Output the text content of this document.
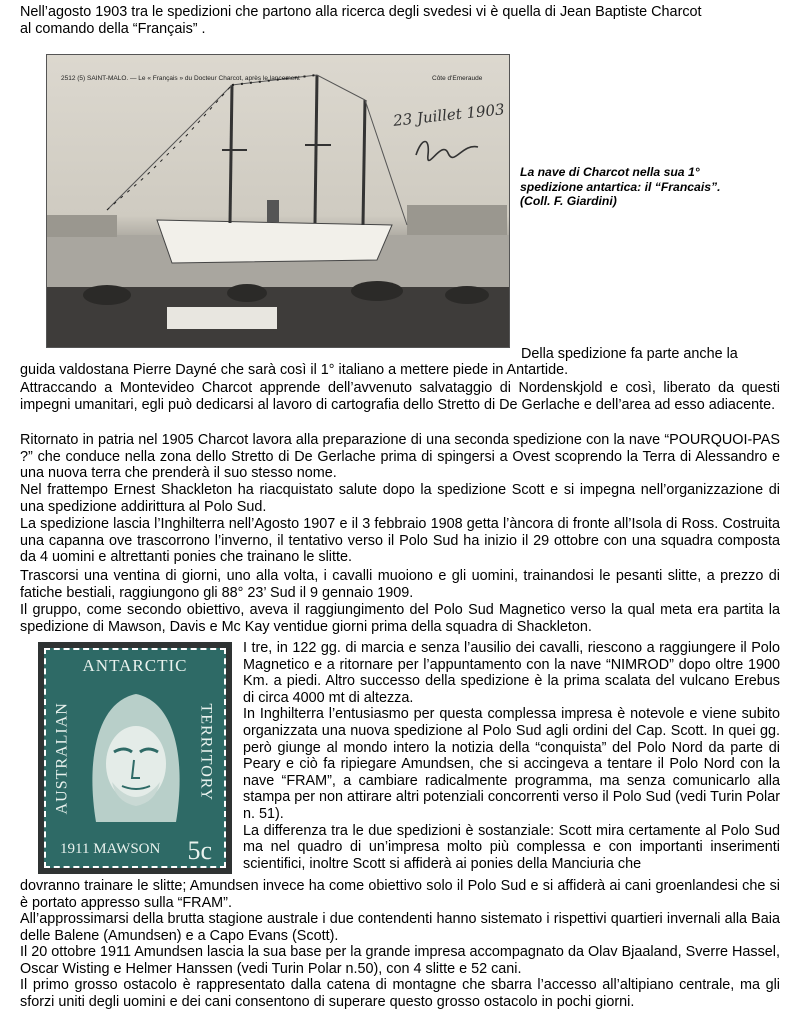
Nell’agosto 1903 tra le spedizioni che partono alla ricerca degli svedesi vi è quella di Jean Baptiste Charcot
al comando della “Français” .

2512 (5) SAINT-MALO. — Le « Français » du Docteur Charcot, après le lancement	Côte d'Emeraude
23 Juillet 1903
La nave di Charcot nella sua 1°
spedizione antartica: il “Francais”.
(Coll. F. Giardini)

Della spedizione fa parte anche la

guida valdostana Pierre Dayné che sarà così il 1° italiano a mettere piede in Antartide.

Attraccando a Montevideo Charcot apprende dell’avvenuto salvataggio di Nordenskjold e così, liberato da questi impegni umanitari, egli può dedicarsi al lavoro di cartografia dello Stretto di De Gerlache e dell’area ad esso adiacente.

Ritornato in patria nel 1905 Charcot lavora alla preparazione di una seconda spedizione con la nave “POURQUOI-PAS ?” che conduce nella zona dello Stretto di De Gerlache prima di spingersi a Ovest scoprendo la Terra di Alessandro e una nuova terra che prenderà il suo stesso nome.

Nel frattempo Ernest Shackleton ha riacquistato salute dopo la spedizione Scott e si impegna nell’organizzazione di una spedizione addirittura al Polo Sud.

La spedizione lascia l’Inghilterra nell’Agosto 1907 e il 3 febbraio 1908 getta l’àncora di fronte all’Isola di Ross. Costruita una capanna ove trascorrono l’inverno, il tentativo verso il Polo Sud ha inizio il 29 ottobre con una squadra composta da 4 uomini e altrettanti ponies che trainano le slitte.

Trascorsi una ventina di giorni, uno alla volta, i cavalli muoiono e gli uomini, trainandosi le pesanti slitte, a prezzo di fatiche bestiali, raggiungono gli 88° 23’ Sud il 9 gennaio 1909.

Il gruppo, come secondo obiettivo, aveva il raggiungimento del Polo Sud Magnetico verso la qual meta era partita la spedizione di Mawson, Davis e Mc Kay ventidue giorni prima della squadra di Shackleton.

ANTARCTIC
AUSTRALIAN	TERRITORY
1911 MAWSON 5c

I tre, in 122 gg. di marcia e senza l’ausilio dei cavalli, riescono a raggiungere il Polo Magnetico e a ritornare per l’appuntamento con la nave “NIMROD” dopo oltre 1900 Km. a piedi. Altro successo della spedizione è la prima scalata del vulcano Erebus di circa 4000 mt di altezza.

In Inghilterra l’entusiasmo per questa complessa impresa è notevole e viene subito organizzata una nuova spedizione al Polo Sud agli ordini del Cap. Scott. In quei gg. però giunge al mondo intero la notizia della “conquista” del Polo Nord da parte di Peary e ciò fa ripiegare Amundsen, che si accingeva a tentare il Polo Nord con la nave “FRAM”, a cambiare radicalmente programma, ma senza comunicarlo alla stampa per non attirare altri potenziali concorrenti verso il Polo Sud (vedi Turin Polar n. 51).

La differenza tra le due spedizioni è sostanziale: Scott mira certamente al Polo Sud ma nel quadro di un’impresa molto più complessa e con importanti inserimenti scientifici, inoltre Scott si affiderà ai ponies della Manciuria che

dovranno trainare le slitte; Amundsen invece ha come obiettivo solo il Polo Sud e si affiderà ai cani groenlandesi che si è portato appresso sulla “FRAM”.

All’approssimarsi della brutta stagione australe i due contendenti hanno sistemato i rispettivi quartieri invernali alla Baia delle Balene (Amundsen) e a Capo Evans (Scott).

Il 20 ottobre 1911 Amundsen lascia la sua base per la grande impresa accompagnato da Olav Bjaaland, Sverre Hassel, Oscar Wisting e Helmer Hanssen (vedi Turin Polar n.50), con 4 slitte e 52 cani.

Il primo grosso ostacolo è rappresentato dalla catena di montagne che sbarra l’accesso all’altipiano centrale, ma gli sforzi uniti degli uomini e dei cani consentono di superare questo grosso ostacolo in pochi giorni.
